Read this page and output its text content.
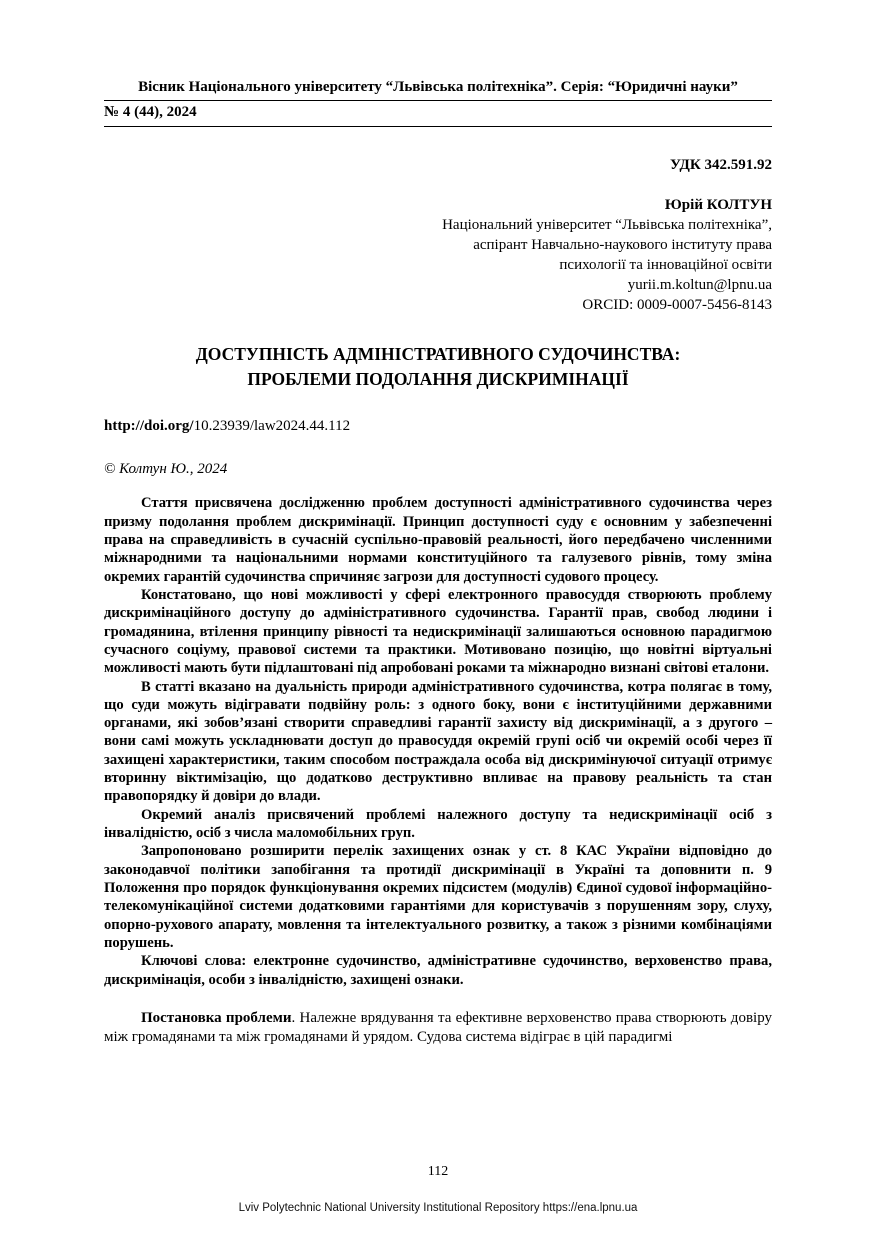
Вісник Національного університету “Львівська політехніка”. Серія: “Юридичні науки”
№ 4 (44), 2024
УДК 342.591.92
Юрій КОЛТУН
Національний університет “Львівська політехніка”,
аспірант Навчально-наукового інституту права
психології та інноваційної освіти
yurii.m.koltun@lpnu.ua
ORCID: 0009-0007-5456-8143
ДОСТУПНІСТЬ АДМІНІСТРАТИВНОГО СУДОЧИНСТВА:
ПРОБЛЕМИ ПОДОЛАННЯ ДИСКРИМІНАЦІЇ
http://doi.org/10.23939/law2024.44.112
© Колтун Ю., 2024

Стаття присвячена дослідженню проблем доступності адміністративного судочинства через призму подолання проблем дискримінації. Принцип доступності суду є основним у забезпеченні права на справедливість в сучасній суспільно-правовій реальності, його передбачено численними міжнародними та національними нормами конституційного та галузевого рівнів, тому зміна окремих гарантій судочинства спричиняє загрози для доступності судового процесу.

Констатовано, що нові можливості у сфері електронного правосуддя створюють проблему дискримінаційного доступу до адміністративного судочинства. Гарантії прав, свобод людини і громадянина, втілення принципу рівності та недискримінації залишаються основною парадигмою сучасного соціуму, правової системи та практики. Мотивовано позицію, що новітні віртуальні можливості мають бути підлаштовані під апробовані роками та міжнародно визнані світові еталони.

В статті вказано на дуальність природи адміністративного судочинства, котра полягає в тому, що суди можуть відігравати подвійну роль: з одного боку, вони є інституційними державними органами, які зобов’язані створити справедливі гарантії захисту від дискримінації, а з другого – вони самі можуть ускладнювати доступ до правосуддя окремій групі осіб чи окремій особі через її захищені характеристики, таким способом постраждала особа від дискримінуючої ситуації отримує вторинну віктимізацію, що додатково деструктивно впливає на правову реальність та стан правопорядку й довіри до влади.

Окремий аналіз присвячений проблемі належного доступу та недискримінації осіб з інвалідністю, осіб з числа маломобільних груп.

Запропоновано розширити перелік захищених ознак у ст. 8 КАС України відповідно до законодавчої політики запобігання та протидії дискримінації в Україні та доповнити п. 9 Положення про порядок функціонування окремих підсистем (модулів) Єдиної судової інформаційно-телекомунікаційної системи додатковими гарантіями для користувачів з порушенням зору, слуху, опорно-рухового апарату, мовлення та інтелектуального розвитку, а також з різними комбінаціями порушень.

Ключові слова: електронне судочинство, адміністративне судочинство, верховенство права, дискримінація, особи з інвалідністю, захищені ознаки.

Постановка проблеми. Належне врядування та ефективне верховенство права створюють довіру між громадянами та між громадянами й урядом. Судова система відіграє в цій парадигмі

112
Lviv Polytechnic National University Institutional Repository https://ena.lpnu.ua
